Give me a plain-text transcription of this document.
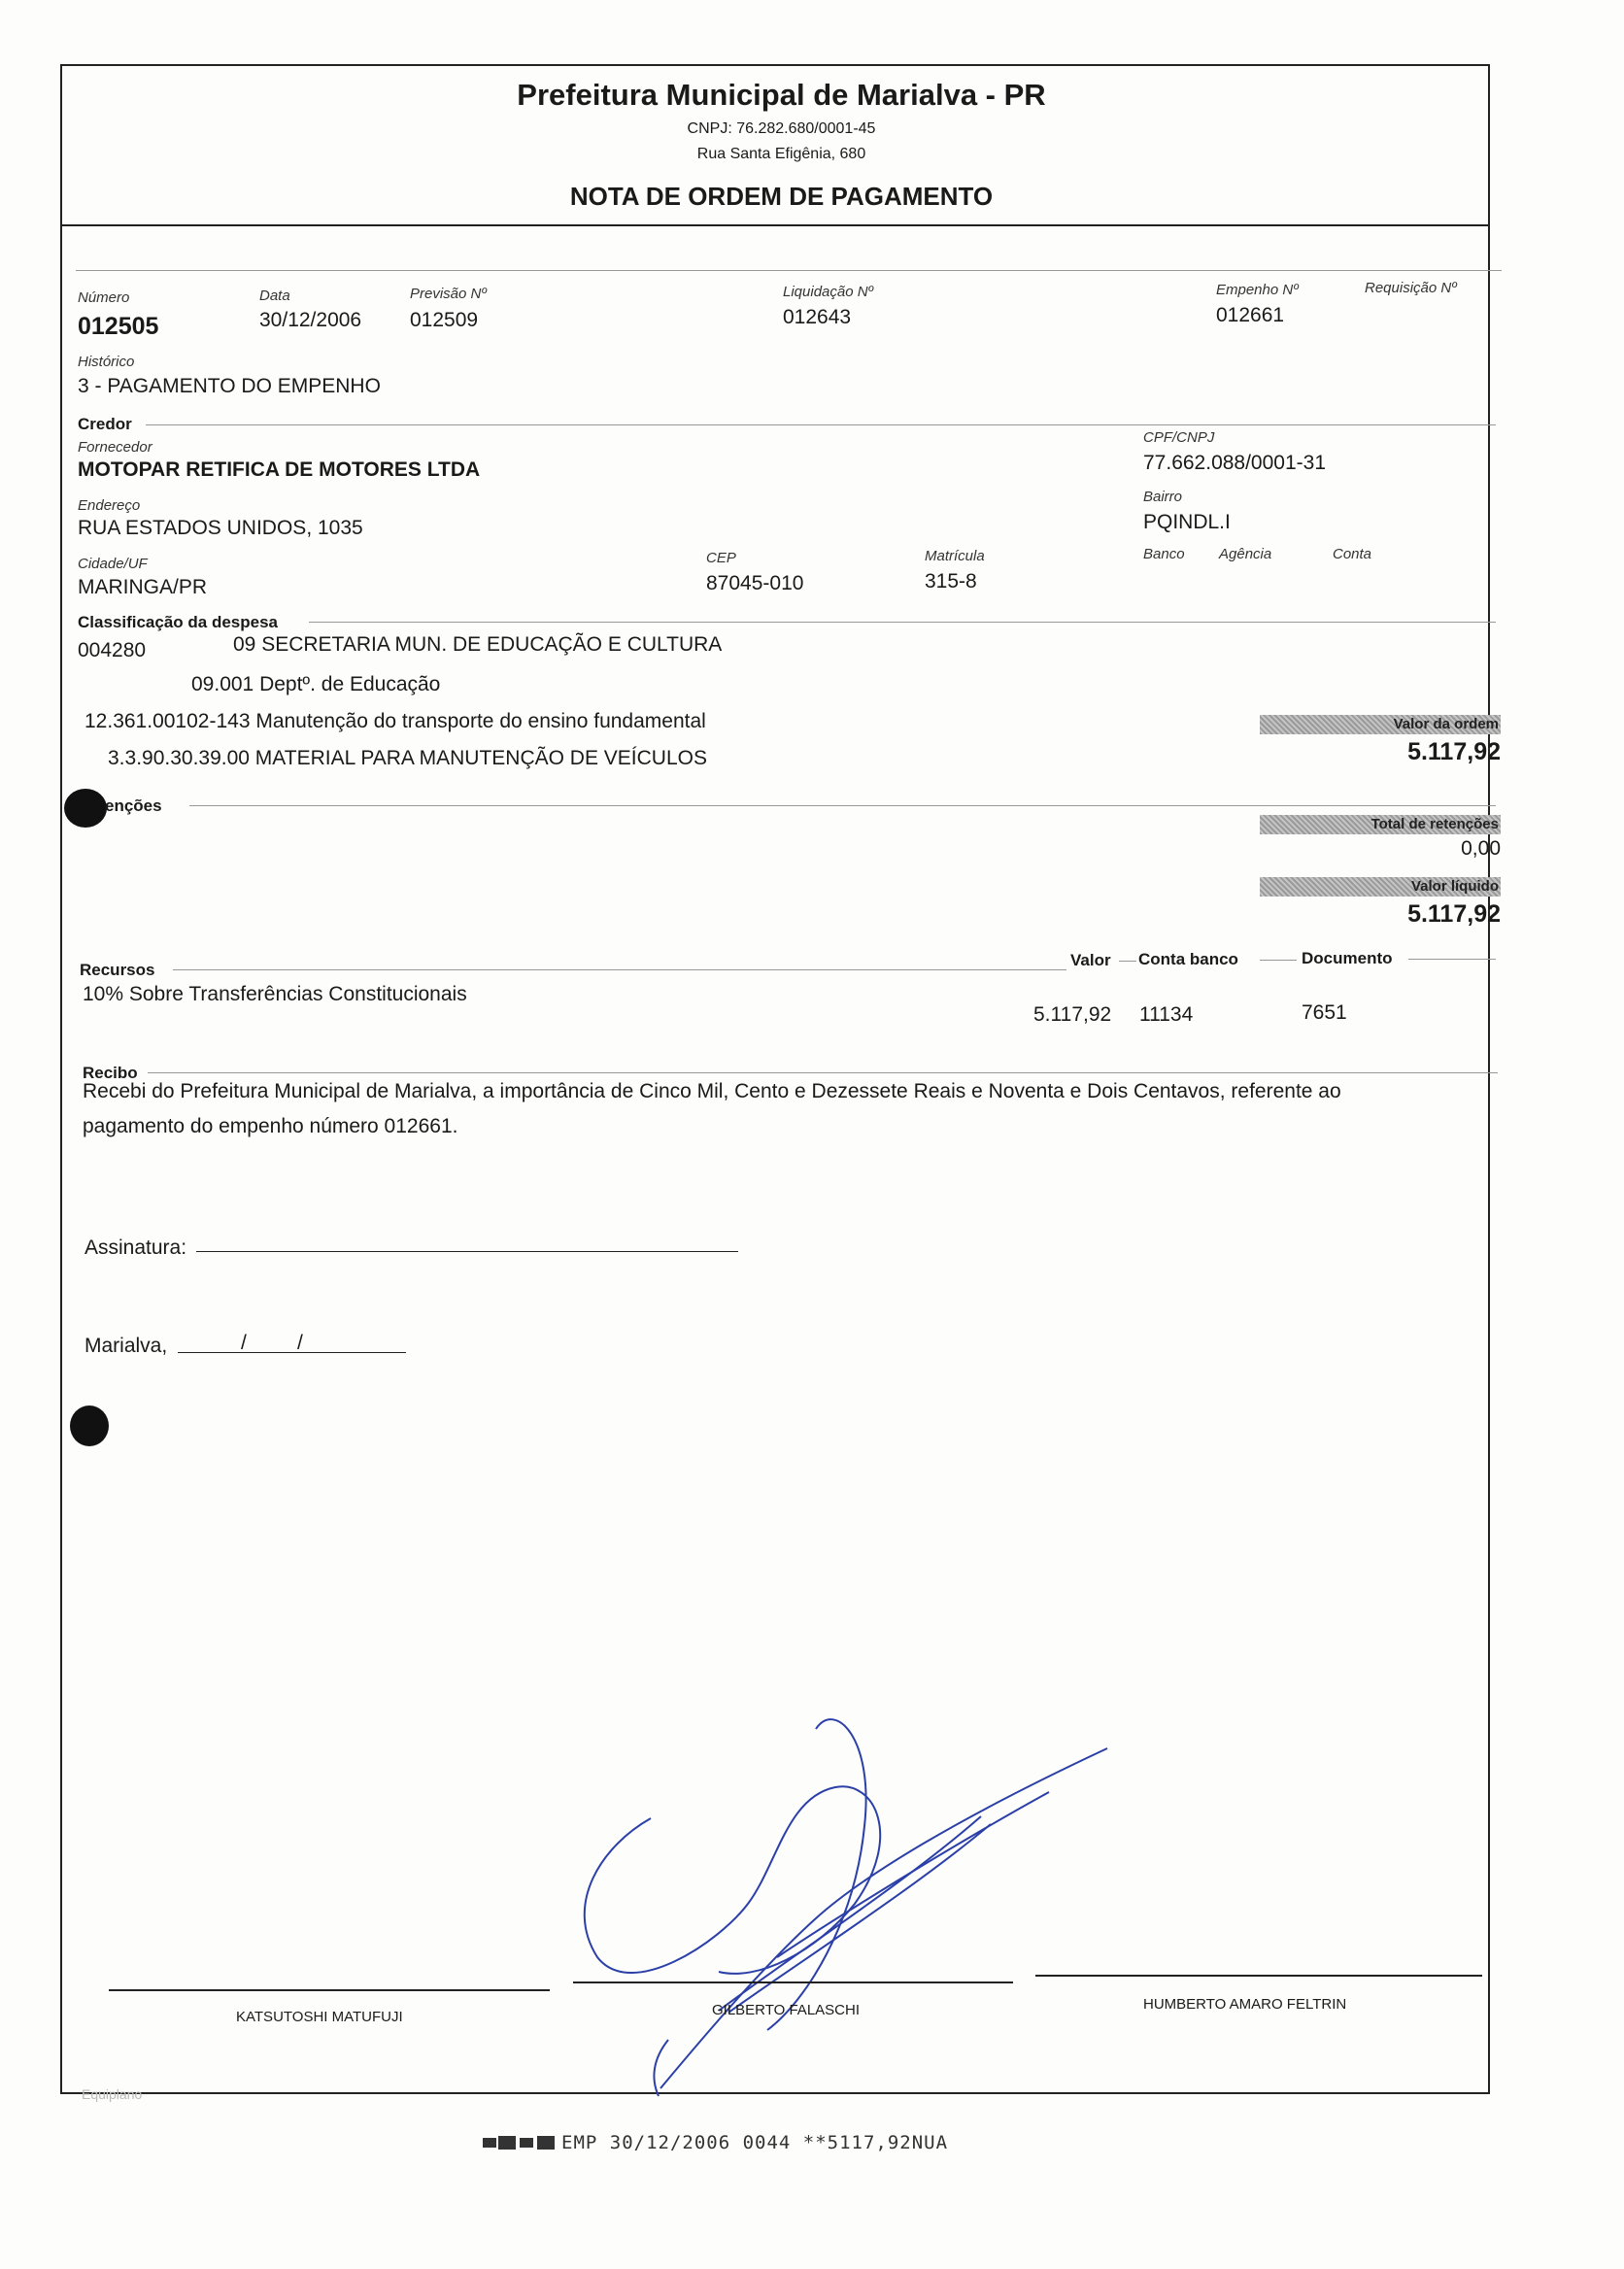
Prefeitura Municipal de Marialva - PR
CNPJ: 76.282.680/0001-45
Rua Santa Efigênia, 680
NOTA DE ORDEM DE PAGAMENTO
Número
012505
Data
30/12/2006
Previsão Nº
012509
Liquidação Nº
012643
Empenho Nº
012661
Requisição Nº
Histórico
3 - PAGAMENTO DO EMPENHO
Credor
Fornecedor
MOTOPAR RETIFICA DE MOTORES LTDA
CPF/CNPJ
77.662.088/0001-31
Endereço
RUA ESTADOS UNIDOS, 1035
Bairro
PQINDL.I
Cidade/UF
MARINGA/PR
CEP
87045-010
Matrícula
315-8
Banco Agência	Conta
Classificação da despesa
004280	09 SECRETARIA MUN. DE EDUCAÇÃO E CULTURA
09.001 Deptº. de Educação
12.361.00102-143 Manutenção do transporte do ensino fundamental
3.3.90.30.39.00 MATERIAL PARA MANUTENÇÃO DE VEÍCULOS
Valor da ordem
5.117,92
enções
Total de retenções
0,00
Valor líquido
5.117,92
Recursos
Valor Conta banco	Documento
10% Sobre Transferências Constitucionais
5.117,92 11134	7651
Recibo
Recebi do Prefeitura Municipal de Marialva, a importância de Cinco Mil, Cento e Dezessete Reais e Noventa e Dois Centavos, referente ao
pagamento do empenho número 012661.
Assinatura:
Marialva,	/ /
KATSUTOSHI MATUFUJI	GILBERTO FALASCHI	HUMBERTO AMARO FELTRIN
Equiplano
EMP 30/12/2006 0044 **5117,92NUA
